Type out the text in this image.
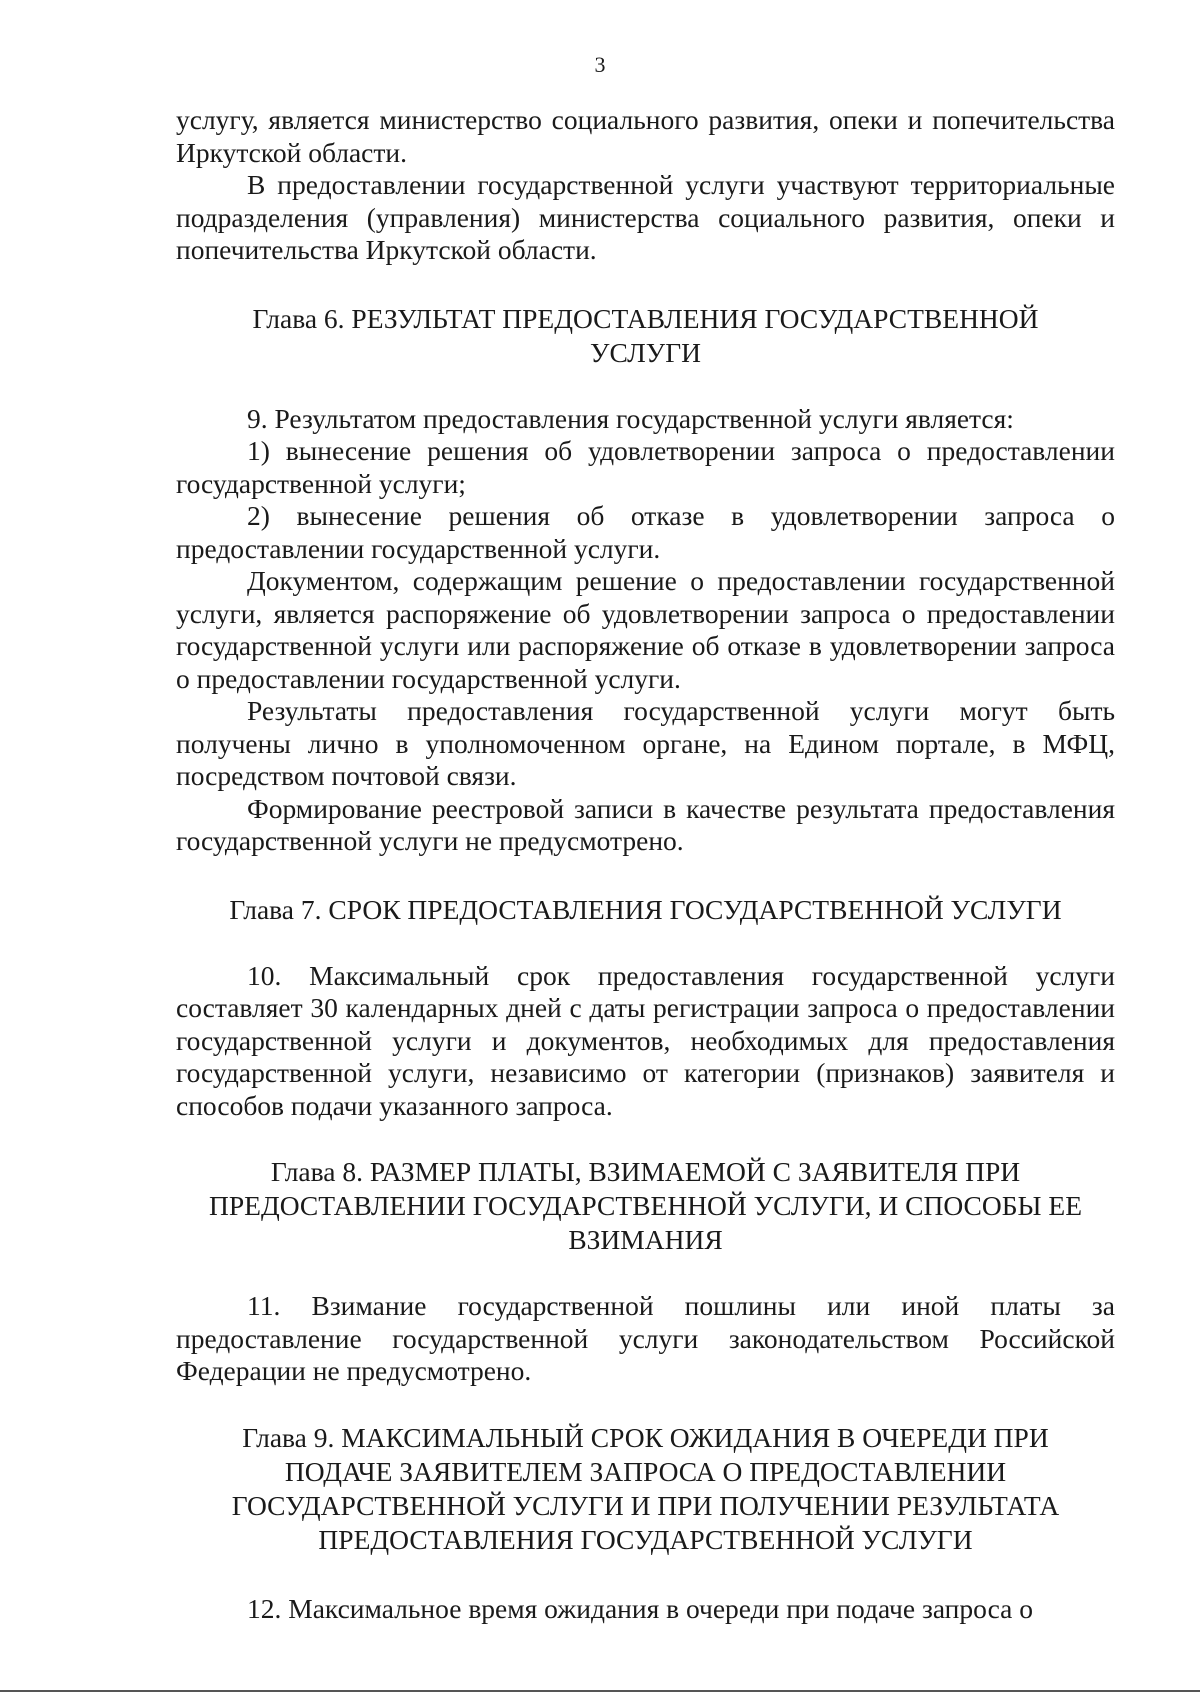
3

услугу, является министерство социального развития, опеки и попечительства Иркутской области.

В предоставлении государственной услуги участвуют территориальные подразделения (управления) министерства социального развития, опеки и попечительства Иркутской области.

Глава 6. РЕЗУЛЬТАТ ПРЕДОСТАВЛЕНИЯ ГОСУДАРСТВЕННОЙ
УСЛУГИ

9. Результатом предоставления государственной услуги является:

1) вынесение решения об удовлетворении запроса о предоставлении государственной услуги;

2) вынесение решения об отказе в удовлетворении запроса о предоставлении государственной услуги.

Документом, содержащим решение о предоставлении государственной услуги, является распоряжение об удовлетворении запроса о предоставлении государственной услуги или распоряжение об отказе в удовлетворении запроса о предоставлении государственной услуги.

Результаты предоставления государственной услуги могут быть получены лично в уполномоченном органе, на Едином портале, в МФЦ, посредством почтовой связи.

Формирование реестровой записи в качестве результата предоставления государственной услуги не предусмотрено.

Глава 7. СРОК ПРЕДОСТАВЛЕНИЯ ГОСУДАРСТВЕННОЙ УСЛУГИ

10. Максимальный срок предоставления государственной услуги составляет 30 календарных дней с даты регистрации запроса о предоставлении государственной услуги и документов, необходимых для предоставления государственной услуги, независимо от категории (признаков) заявителя и способов подачи указанного запроса.

Глава 8. РАЗМЕР ПЛАТЫ, ВЗИМАЕМОЙ С ЗАЯВИТЕЛЯ ПРИ
ПРЕДОСТАВЛЕНИИ ГОСУДАРСТВЕННОЙ УСЛУГИ, И СПОСОБЫ ЕЕ
ВЗИМАНИЯ

11. Взимание государственной пошлины или иной платы за предоставление государственной услуги законодательством Российской Федерации не предусмотрено.

Глава 9. МАКСИМАЛЬНЫЙ СРОК ОЖИДАНИЯ В ОЧЕРЕДИ ПРИ
ПОДАЧЕ ЗАЯВИТЕЛЕМ ЗАПРОСА О ПРЕДОСТАВЛЕНИИ
ГОСУДАРСТВЕННОЙ УСЛУГИ И ПРИ ПОЛУЧЕНИИ РЕЗУЛЬТАТА
ПРЕДОСТАВЛЕНИЯ ГОСУДАРСТВЕННОЙ УСЛУГИ

12. Максимальное время ожидания в очереди при подаче запроса о
